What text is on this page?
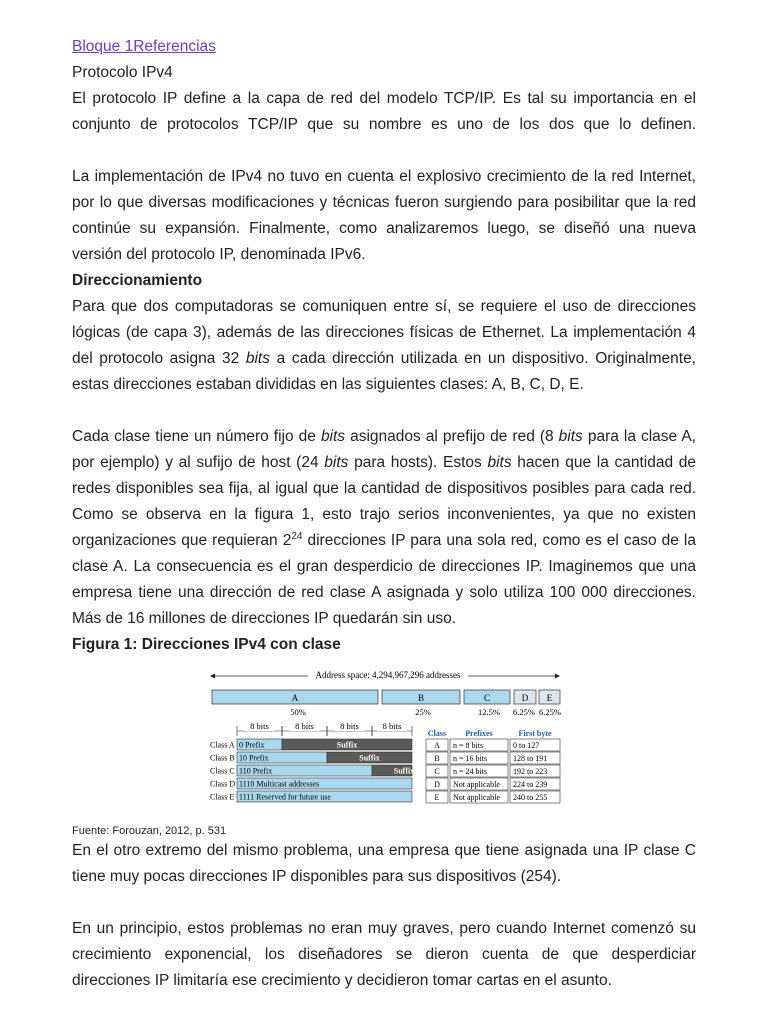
Bloque 1Referencias

Protocolo IPv4

El protocolo IP define a la capa de red del modelo TCP/IP. Es tal su importancia en el conjunto de protocolos TCP/IP que su nombre es uno de los dos que lo definen.

La implementación de IPv4 no tuvo en cuenta el explosivo crecimiento de la red Internet, por lo que diversas modificaciones y técnicas fueron surgiendo para posibilitar que la red continúe su expansión. Finalmente, como analizaremos luego, se diseñó una nueva versión del protocolo IP, denominada IPv6.

Direccionamiento

Para que dos computadoras se comuniquen entre sí, se requiere el uso de direcciones lógicas (de capa 3), además de las direcciones físicas de Ethernet. La implementación 4 del protocolo asigna 32 bits a cada dirección utilizada en un dispositivo. Originalmente, estas direcciones estaban divididas en las siguientes clases: A, B, C, D, E.

Cada clase tiene un número fijo de bits asignados al prefijo de red (8 bits para la clase A, por ejemplo) y al sufijo de host (24 bits para hosts). Estos bits hacen que la cantidad de redes disponibles sea fija, al igual que la cantidad de dispositivos posibles para cada red. Como se observa en la figura 1, esto trajo serios inconvenientes, ya que no existen organizaciones que requieran $2^{24}$ direcciones IP para una sola red, como es el caso de la clase A. La consecuencia es el gran desperdicio de direcciones IP. Imaginemos que una empresa tiene una dirección de red clase A asignada y solo utiliza 100 000 direcciones. Más de 16 millones de direcciones IP quedarán sin uso.

Figura 1: Direcciones IPv4 con clase

Address space: 4,294,967,296 addresses
A	B	C	D E
50%	25%	12.5% 6.25% 6.25%
8 bits	8 bits	8 bits	8 bits
Class A 0 Prefix	Suffix
Class B 10 Prefix	Suffix
Class C 110 Prefix	Suffix
Class D 1110 Multicast addresses
Class E 1111 Reserved for future use
Class Prefixes	First byte
A n = 8 bits	0 to 127
B n = 16 bits	128 to 191
C n = 24 bits	192 to 223
D Not applicable 224 to 239
E Not applicable 240 to 255

Fuente: Forouzan, 2012, p. 531

En el otro extremo del mismo problema, una empresa que tiene asignada una IP clase C tiene muy pocas direcciones IP disponibles para sus dispositivos (254).

En un principio, estos problemas no eran muy graves, pero cuando Internet comenzó su crecimiento exponencial, los diseñadores se dieron cuenta de que desperdiciar direcciones IP limitaría ese crecimiento y decidieron tomar cartas en el asunto.
